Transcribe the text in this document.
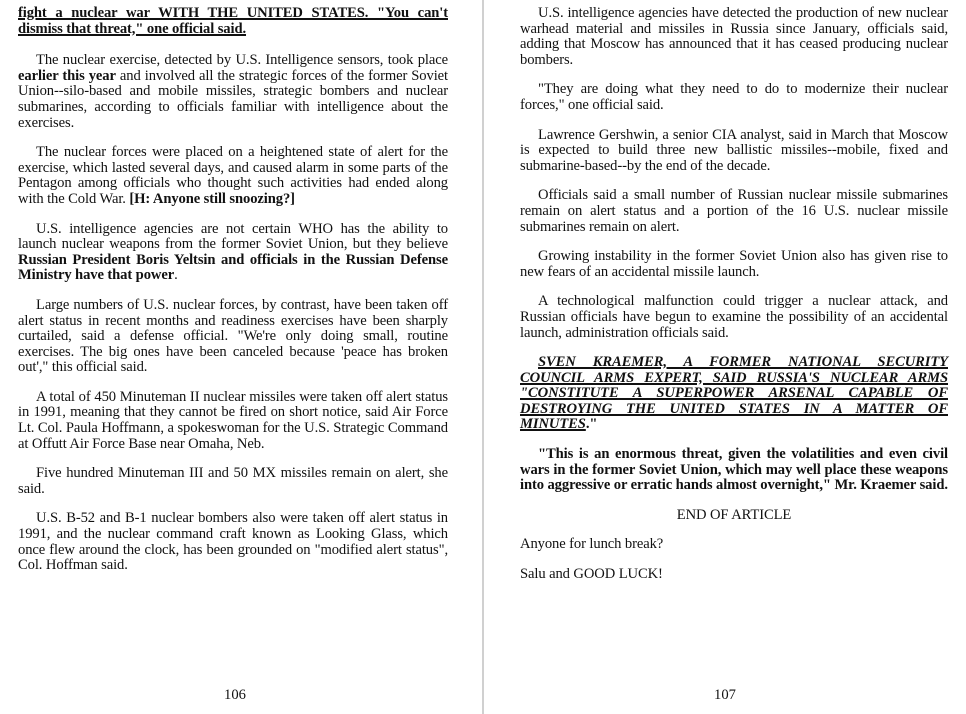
fight a nuclear war WITH THE UNITED STATES. "You can't dismiss that threat," one official said.

The nuclear exercise, detected by U.S. Intelligence sensors, took place earlier this year and involved all the strategic forces of the former Soviet Union--silo-based and mobile missiles, strategic bombers and nuclear submarines, according to officials familiar with intelligence about the exercises.

The nuclear forces were placed on a heightened state of alert for the exercise, which lasted several days, and caused alarm in some parts of the Pentagon among officials who thought such activities had ended along with the Cold War. [H: Anyone still snoozing?]

U.S. intelligence agencies are not certain WHO has the ability to launch nuclear weapons from the former Soviet Union, but they believe Russian President Boris Yeltsin and officials in the Russian Defense Ministry have that power.

Large numbers of U.S. nuclear forces, by contrast, have been taken off alert status in recent months and readiness exercises have been sharply curtailed, said a defense official. "We're only doing small, routine exercises. The big ones have been canceled because 'peace has broken out'," this official said.

A total of 450 Minuteman II nuclear missiles were taken off alert status in 1991, meaning that they cannot be fired on short notice, said Air Force Lt. Col. Paula Hoffmann, a spokeswoman for the U.S. Strategic Command at Offutt Air Force Base near Omaha, Neb.

Five hundred Minuteman III and 50 MX missiles remain on alert, she said.

U.S. B-52 and B-1 nuclear bombers also were taken off alert status in 1991, and the nuclear command craft known as Looking Glass, which once flew around the clock, has been grounded on "modified alert status", Col. Hoffman said.

106

U.S. intelligence agencies have detected the production of new nuclear warhead material and missiles in Russia since January, officials said, adding that Moscow has announced that it has ceased producing nuclear bombers.

"They are doing what they need to do to modernize their nuclear forces," one official said.

Lawrence Gershwin, a senior CIA analyst, said in March that Moscow is expected to build three new ballistic missiles--mobile, fixed and submarine-based--by the end of the decade.

Officials said a small number of Russian nuclear missile submarines remain on alert status and a portion of the 16 U.S. nuclear missile submarines remain on alert.

Growing instability in the former Soviet Union also has given rise to new fears of an accidental missile launch.

A technological malfunction could trigger a nuclear attack, and Russian officials have begun to examine the possibility of an accidental launch, administration officials said.

SVEN KRAEMER, A FORMER NATIONAL SECURITY COUNCIL ARMS EXPERT, SAID RUSSIA'S NUCLEAR ARMS "CONSTITUTE A SUPERPOWER ARSENAL CAPABLE OF DESTROYING THE UNITED STATES IN A MATTER OF MINUTES."

"This is an enormous threat, given the volatilities and even civil wars in the former Soviet Union, which may well place these weapons into aggressive or erratic hands almost overnight," Mr. Kraemer said.

END OF ARTICLE

Anyone for lunch break?

Salu and GOOD LUCK!

107
